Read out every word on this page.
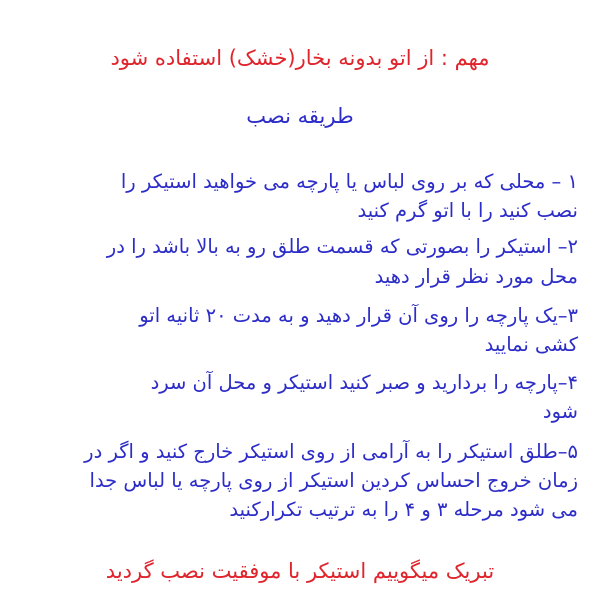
مهم : از اتو بدونه بخار(خشک) استفاده شود
طریقه نصب
۱ – محلی که بر روی لباس یا پارچه می خواهید استیکر را
نصب کنید را با اتو گرم کنید
۲– استیکر را بصورتی که قسمت طلق رو به بالا باشد را در
محل مورد نظر قرار دهید
۳–یک پارچه را روی آن قرار دهید و به مدت ۲۰ ثانیه اتو
کشی نمایید
۴–پارچه را بردارید و صبر کنید استیکر و محل آن سرد
شود
۵–طلق استیکر را به آرامی از روی استیکر خارج کنید و اگر در
زمان خروج احساس کردین استیکر از روی پارچه یا لباس جدا
می شود مرحله ۳ و ۴ را به ترتیب تکرارکنید
تبریک میگوییم استیکر با موفقیت نصب گردید
